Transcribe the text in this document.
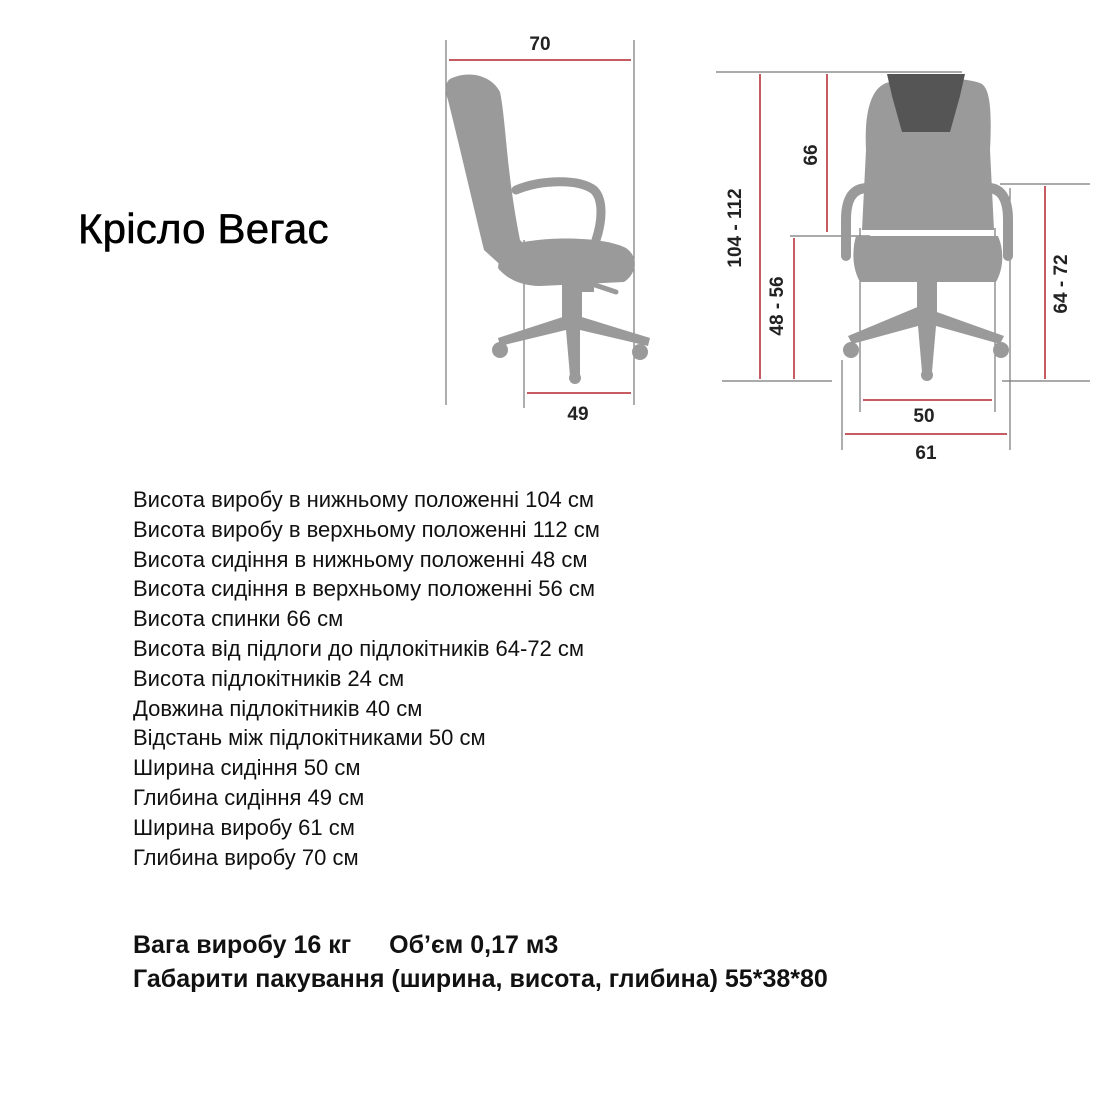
Крісло Вегас
70
49
104 - 112
66
48 - 56	64 - 72
50
61
Висота виробу в нижньому положенні 104 см
Висота виробу в верхньому положенні 112 см
Висота сидіння в нижньому положенні 48 см
Висота сидіння в верхньому положенні 56 см
Висота спинки 66 см
Висота від підлоги до підлокітників 64-72 см
Висота підлокітників 24 см
Довжина підлокітників 40 см
Відстань між підлокітниками 50 см
Ширина сидіння 50 см
Глибина сидіння 49 см
Ширина виробу 61 см
Глибина виробу 70 см
Вага виробу 16 кг Об’єм 0,17 м3
Габарити пакування (ширина, висота, глибина) 55*38*80
